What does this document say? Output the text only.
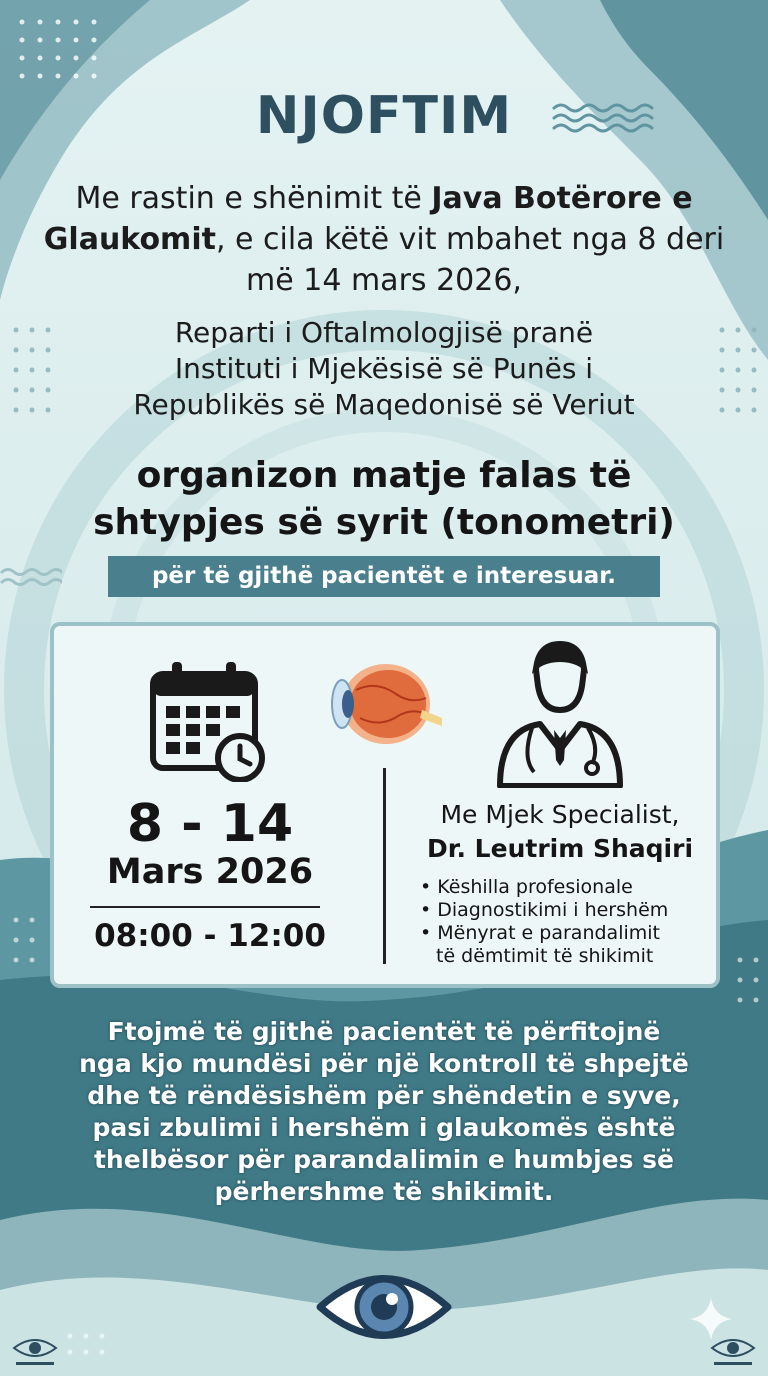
NJOFTIM
Me rastin e shënimit të Java Botërore e Glaukomit, e cila këtë vit mbahet nga 8 deri më 14 mars 2026,
Reparti i Oftalmologjisë pranë
Instituti i Mjekësisë së Punës i
Republikës së Maqedonisë së Veriut
organizon matje falas të
shtypjes së syrit (tonometri)
për të gjithë pacientët e interesuar.
8 - 14
Mars 2026
08:00 - 12:00
Me Mjek Specialist,
Dr. Leutrim Shaqiri
• Këshilla profesionale
• Diagnostikimi i hershëm
• Mënyrat e parandalimit
të dëmtimit të shikimit
Ftojmë të gjithë pacientët të përfitojnë
nga kjo mundësi për një kontroll të shpejtë
dhe të rëndësishëm për shëndetin e syve,
pasi zbulimi i hershëm i glaukomës është
thelbësor për parandalimin e humbjes së
përhershme të shikimit.
